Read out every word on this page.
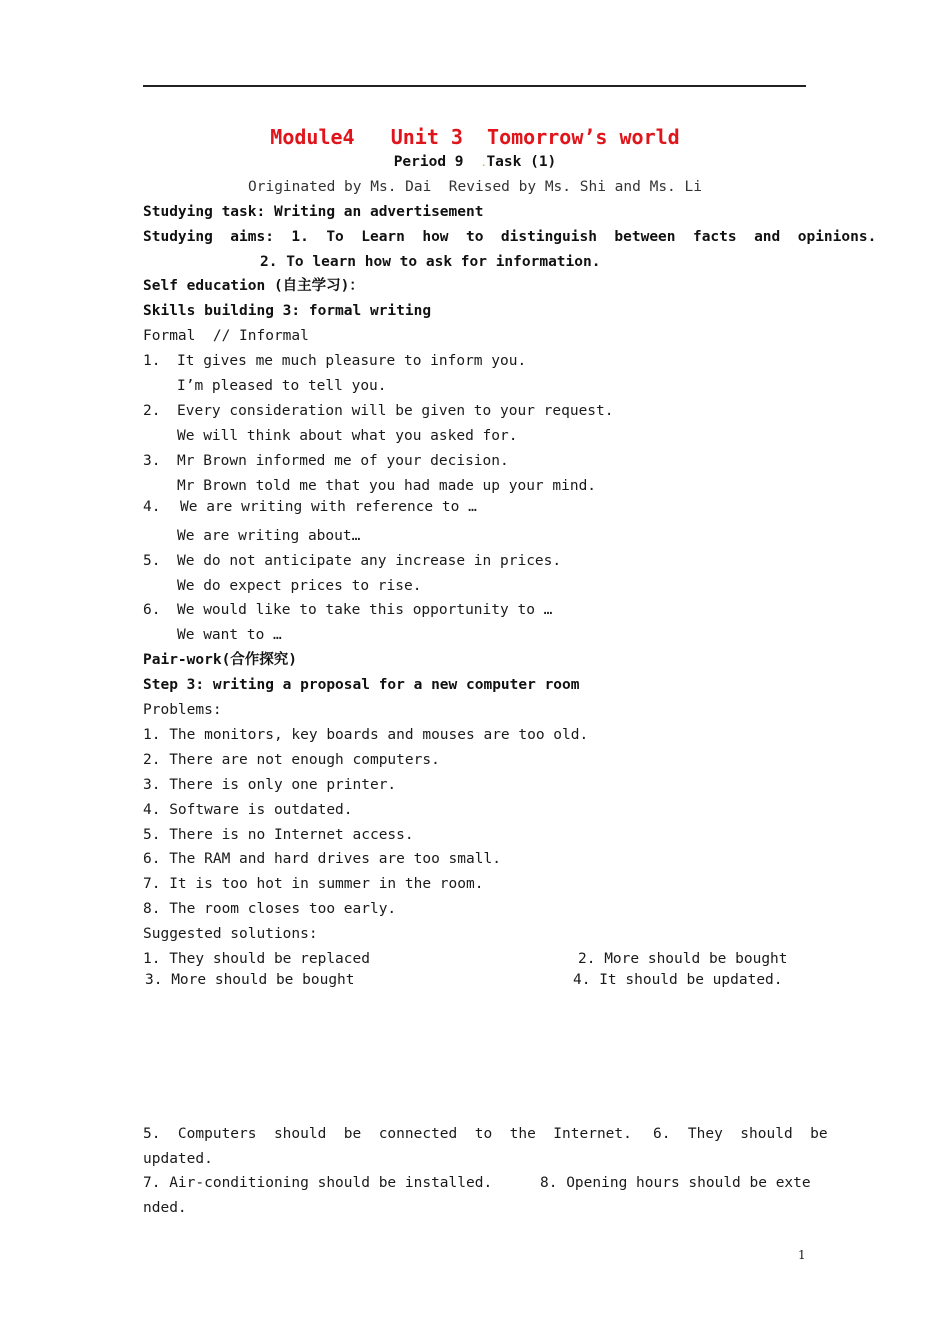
Module4   Unit 3  Tomorrow’s world
Period 9  .Task (1)
Originated by Ms. Dai  Revised by Ms. Shi and Ms. Li
Studying task: Writing an advertisement
Studying  aims:  1.  To  Learn  how  to  distinguish  between  facts  and  opinions.
2. To learn how to ask for information.
Self education (自主学习)：
Skills building 3: formal writing
Formal  // Informal
1. It gives me much pleasure to inform you.
I’m pleased to tell you.
2. Every consideration will be given to your request.
We will think about what you asked for.
3. Mr Brown informed me of your decision.
Mr Brown told me that you had made up your mind.
4. We are writing with reference to …
We are writing about…
5. We do not anticipate any increase in prices.
We do expect prices to rise.
6. We would like to take this opportunity to …
We want to …
Pair-work(合作探究)
Step 3: writing a proposal for a new computer room
Problems:
1. The monitors, key boards and mouses are too old.
2. There are not enough computers.
3. There is only one printer.
4. Software is outdated.
5. There is no Internet access.
6. The RAM and hard drives are too small.
7. It is too hot in summer in the room.
8. The room closes too early.
Suggested solutions:
1. They should be replaced	2. More should be bought
3. More should be bought	4. It should be updated.
5.  Computers  should  be  connected  to  the  Internet. 6.  They  should  be
updated.
7. Air-conditioning should be installed.	8. Opening hours should be exte
nded.
1
